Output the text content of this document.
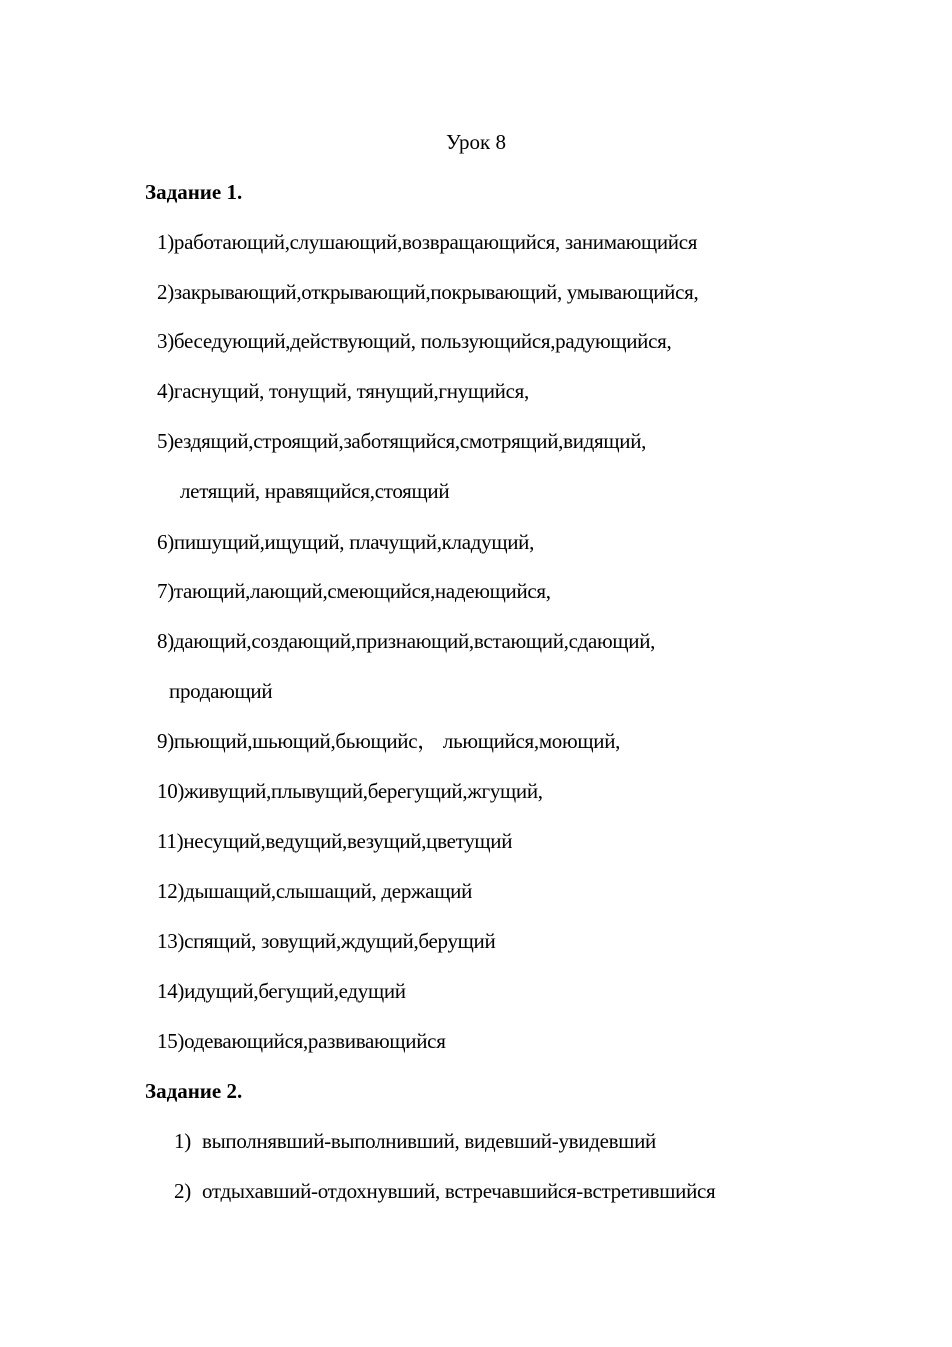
Урок 8
Задание 1.
1)работающий,слушающий,возвращающийся, занимающийся
2)закрывающий,открывающий,покрывающий, умывающийся,
3)беседующий,действующий, пользующийся,радующийся,
4)гаснущий, тонущий, тянущий,гнущийся,
5)ездящий,строящий,заботящийся,смотрящий,видящий,
летящий, нравящийся,стоящий
6)пишущий,ищущий, плачущий,кладущий,
7)тающий,лающий,смеющийся,надеющийся,
8)дающий,создающий,признающий,встающий,сдающий,
продающий
9)пьющий,шьющий,бьющийс， льющийся,моющий,
10)живущий,плывущий,берегущий,жгущий,
11)несущий,ведущий,везущий,цветущий
12)дышащий,слышащий, держащий
13)спящий, зовущий,ждущий,берущий
14)идущий,бегущий,едущий
15)одевающийся,развивающийся
Задание 2.
1) выполнявший-выполнивший, видевший-увидевший
2) отдыхавший-отдохнувший, встречавшийся-встретившийся
